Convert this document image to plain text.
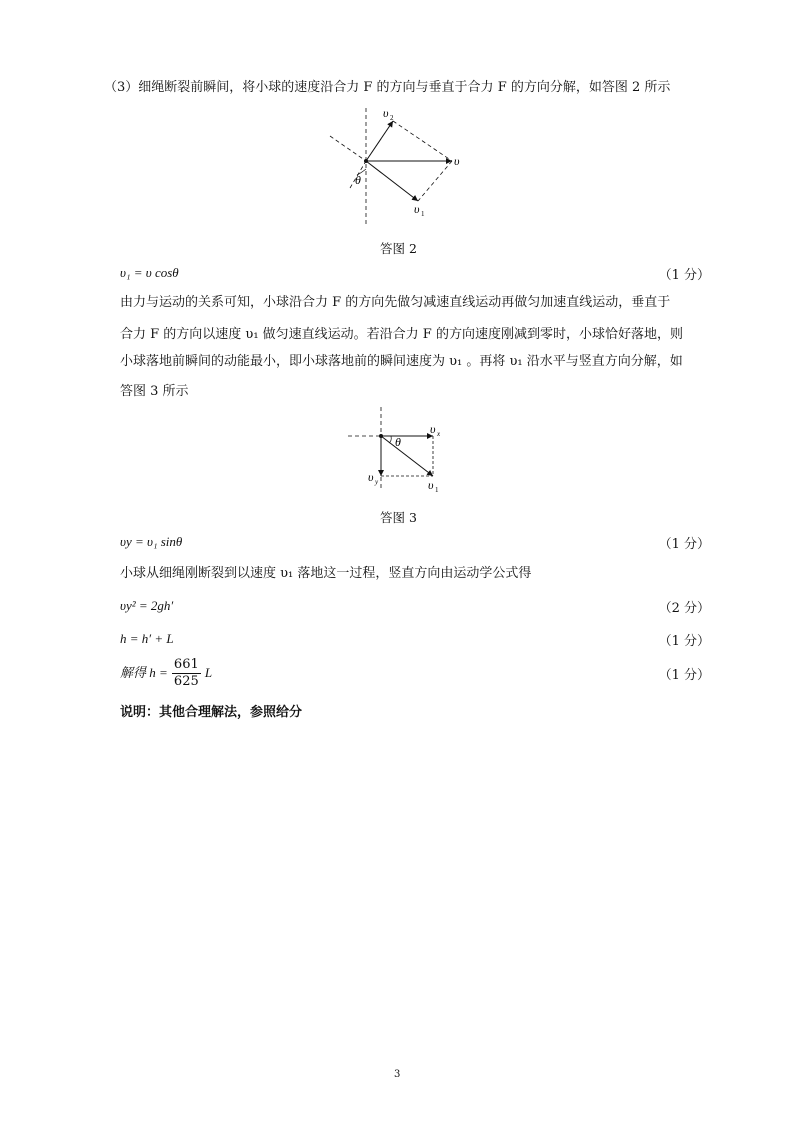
（3）细绳断裂前瞬间，将小球的速度沿合力 F 的方向与垂直于合力 F 的方向分解，如答图 2 所示
υ 2
υ
υ 1
θ
答图 2
υ₁ = υ cosθ	（1 分）
由力与运动的关系可知，小球沿合力 F 的方向先做匀减速直线运动再做匀加速直线运动，垂直于
合力 F 的方向以速度 υ₁ 做匀速直线运动。若沿合力 F 的方向速度刚减到零时，小球恰好落地，则
小球落地前瞬间的动能最小，即小球落地前的瞬间速度为 υ₁ 。再将 υ₁ 沿水平与竖直方向分解，如
答图 3 所示
υ x
υ y	υ 1
θ
答图 3
υy = υ₁ sinθ	（1 分）
小球从细绳刚断裂到以速度 υ₁ 落地这一过程，竖直方向由运动学公式得
υy² = 2gh′	（2 分）
h = h′ + L	（1 分）
解得 $h = \frac{661}{625}$ L	（1 分）
说明：其他合理解法，参照给分
3
